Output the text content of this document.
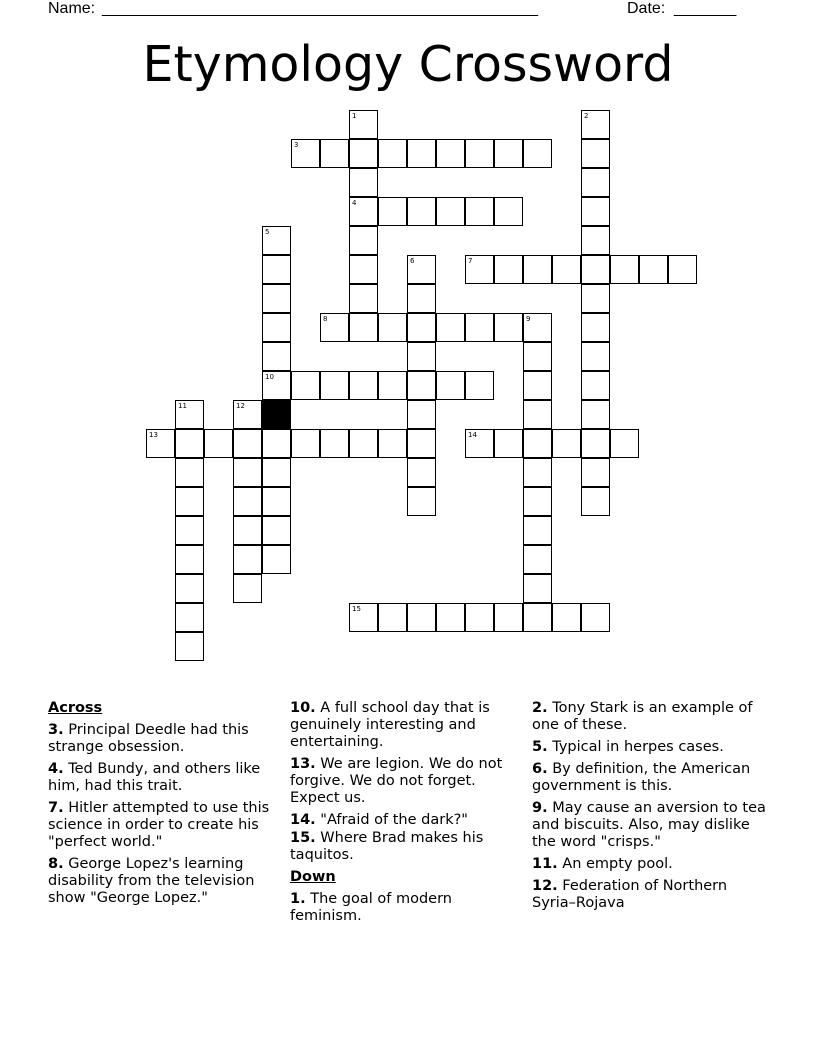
Name: _________________________________________________	Date: _______
Etymology Crossword
1
4
2
3
5
10
6	7
8	9
11	12
13	14
15
Across
3. Principal Deedle had this strange obsession.
4. Ted Bundy, and others like him, had this trait.
7. Hitler attempted to use this science in order to create his "perfect world."
8. George Lopez's learning disability from the television show "George Lopez."
10. A full school day that is genuinely interesting and entertaining.
13. We are legion. We do not forgive. We do not forget. Expect us.
14. "Afraid of the dark?"
15. Where Brad makes his taquitos.
Down
1. The goal of modern feminism.
2. Tony Stark is an example of one of these.
5. Typical in herpes cases.
6. By definition, the American government is this.
9. May cause an aversion to tea and biscuits. Also, may dislike the word "crisps."
11. An empty pool.
12. Federation of Northern Syria–Rojava
